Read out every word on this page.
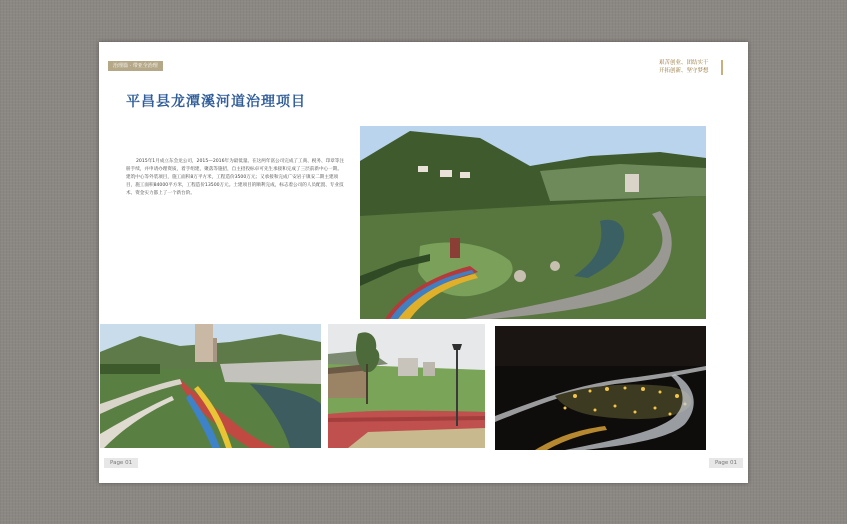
治理篇 · 带亚全治理	艰苦创业、团结实干
开拓创新、坚守梦想
平昌县龙潭溪河道治理项目
2015年1月成立东会龙公司，2015—2016年为最低量。在这两年富公司完成了工商、税务、印章等注册手续，并申请办理资质，着手组建，聚落等施招，自主招投标卓可先生承接和完成了三层前新中心一期。建筑中心等外装项目，施工面积8万平方米，工程造价3500万元；又承接和完成广安岩子镇安二期主建项目，施工面积84000平方米，工程造价13500万元。土建项目的顺利完成，标志着公司的人员配置、专业技术、资金实力都上了一个新台阶。
Page 01	Page 01
